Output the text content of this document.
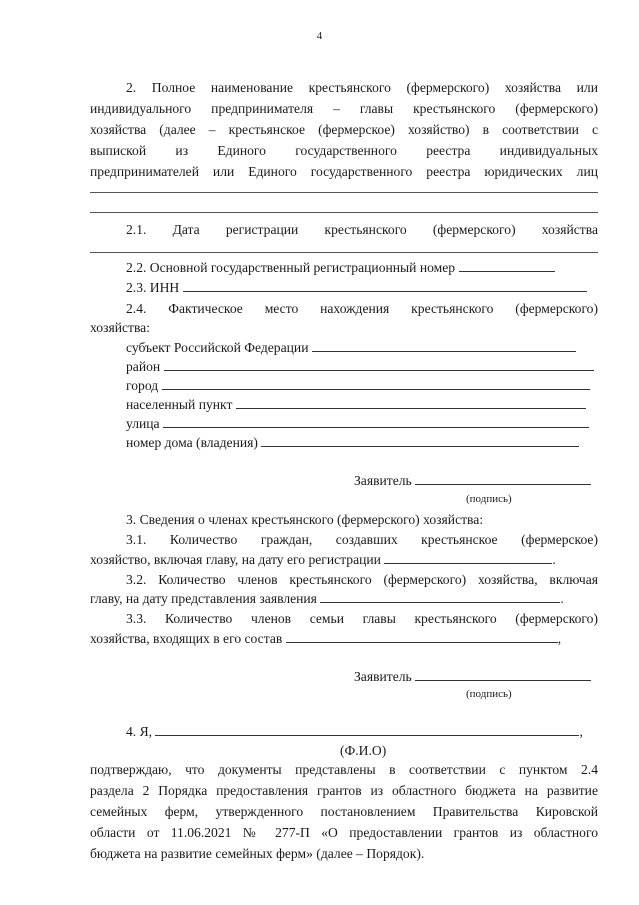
4
2. Полное наименование крестьянского (фермерского) хозяйства или
индивидуального предпринимателя – главы крестьянского (фермерского)
хозяйства (далее – крестьянское (фермерское) хозяйство) в соответствии с
выпиской из Единого государственного реестра индивидуальных
предпринимателей или Единого государственного реестра юридических лиц
2.1. Дата регистрации крестьянского (фермерского) хозяйства
2.2. Основной государственный регистрационный номер
2.3. ИНН
2.4. Фактическое место нахождения крестьянского (фермерского)
хозяйства:
субъект Российской Федерации
район
город
населенный пункт
улица
номер дома (владения)
Заявитель
(подпись)
3. Сведения о членах крестьянского (фермерского) хозяйства:
3.1. Количество граждан, создавших крестьянское (фермерское)
хозяйство, включая главу, на дату его регистрации	.
3.2. Количество членов крестьянского (фермерского) хозяйства, включая
главу, на дату представления заявления	.
3.3. Количество членов семьи главы крестьянского (фермерского)
хозяйства, входящих в его состав	,
Заявитель
(подпись)
4. Я,	,
(Ф.И.О)
подтверждаю, что документы представлены в соответствии с пунктом 2.4
раздела 2 Порядка предоставления грантов из областного бюджета на развитие
семейных ферм, утвержденного постановлением Правительства Кировской
области от 11.06.2021 № 277-П «О предоставлении грантов из областного
бюджета на развитие семейных ферм» (далее – Порядок).
